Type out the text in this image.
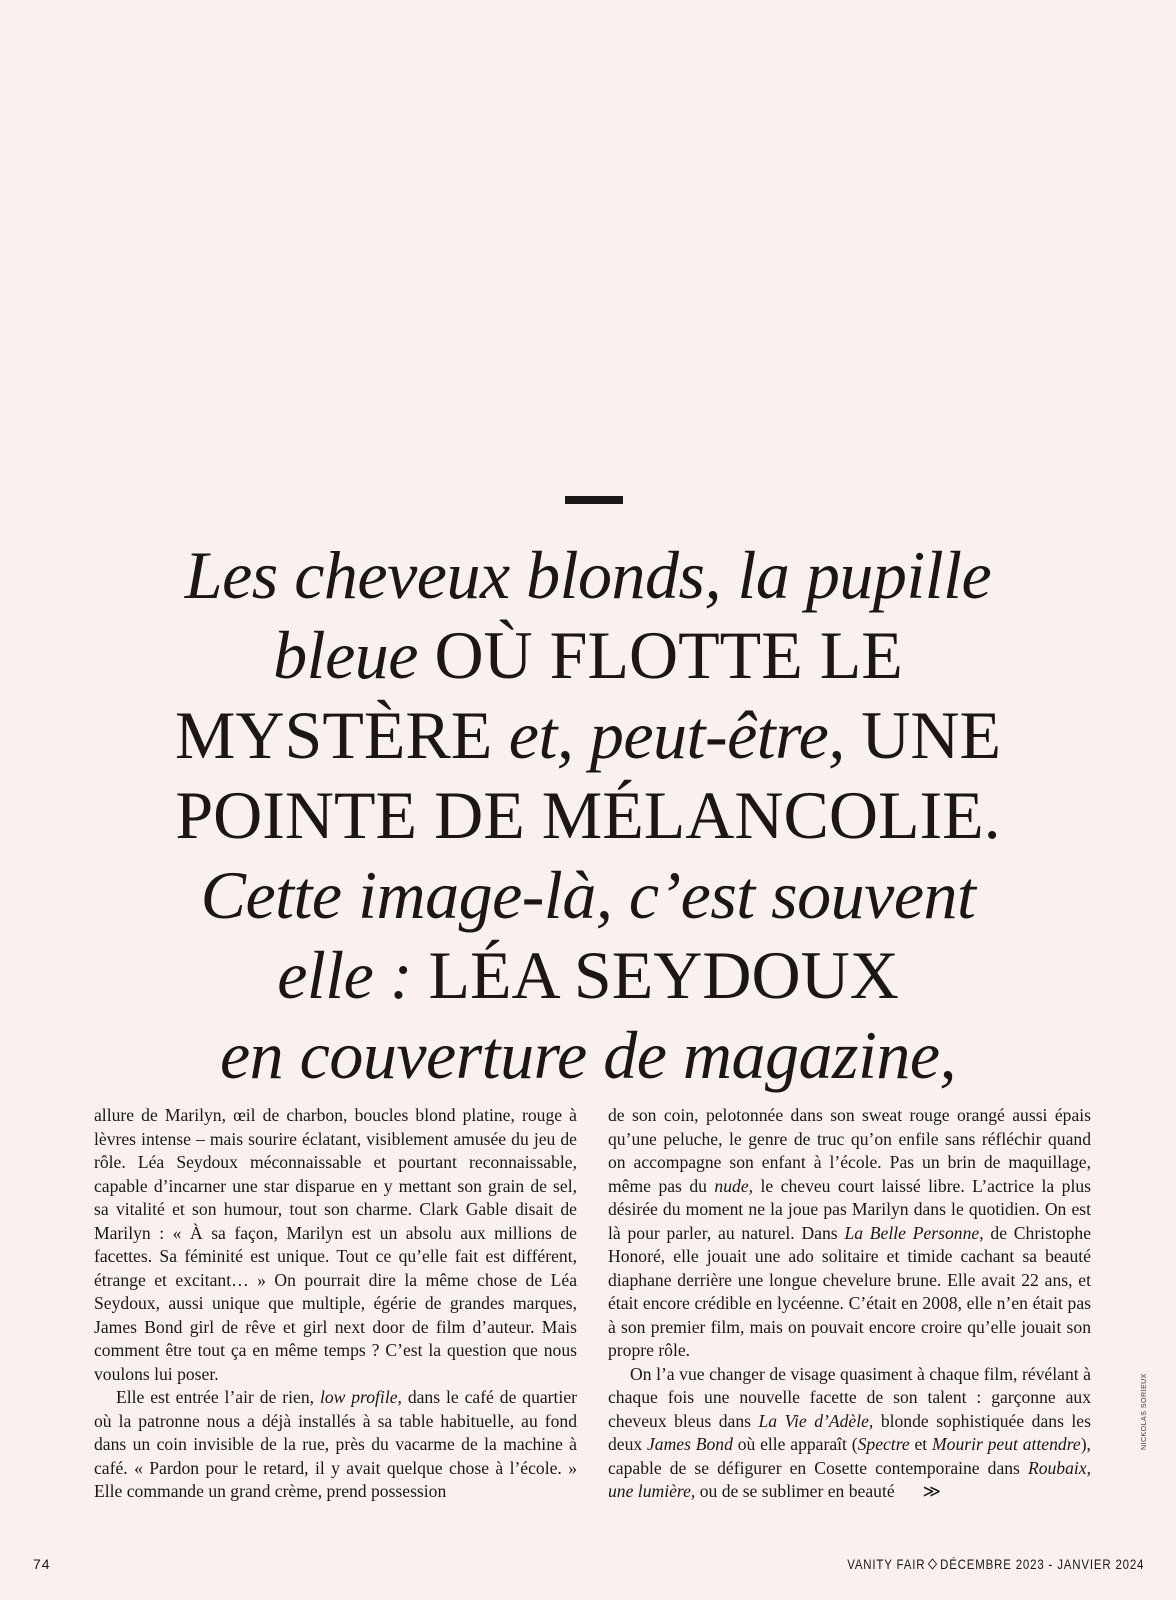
Les cheveux blonds, la pupille
bleue OÙ FLOTTE LE
MYSTÈRE et, peut-être, UNE
POINTE DE MÉLANCOLIE.
Cette image-là, c’est souvent
elle : LÉA SEYDOUX
en couverture de magazine,

allure de Marilyn, œil de charbon, boucles blond platine, rouge à lèvres intense – mais sourire éclatant, visiblement amusée du jeu de rôle. Léa Seydoux méconnaissable et pourtant reconnaissable, capable d’incarner une star disparue en y mettant son grain de sel, sa vitalité et son humour, tout son charme. Clark Gable disait de Marilyn : « À sa façon, Marilyn est un absolu aux millions de facettes. Sa féminité est unique. Tout ce qu’elle fait est différent, étrange et excitant… » On pourrait dire la même chose de Léa Seydoux, aussi unique que multiple, égérie de grandes marques, James Bond girl de rêve et girl next door de film d’auteur. Mais comment être tout ça en même temps ? C’est la question que nous voulons lui poser.

Elle est entrée l’air de rien, low profile, dans le café de quartier où la patronne nous a déjà installés à sa table habituelle, au fond dans un coin invisible de la rue, près du vacarme de la machine à café. « Pardon pour le retard, il y avait quelque chose à l’école. » Elle commande un grand crème, prend possession

de son coin, pelotonnée dans son sweat rouge orangé aussi épais qu’une peluche, le genre de truc qu’on enfile sans réfléchir quand on accompagne son enfant à l’école. Pas un brin de maquillage, même pas du nude, le cheveu court laissé libre. L’actrice la plus désirée du moment ne la joue pas Marilyn dans le quotidien. On est là pour parler, au naturel. Dans La Belle Personne, de Christophe Honoré, elle jouait une ado solitaire et timide cachant sa beauté diaphane derrière une longue chevelure brune. Elle avait 22 ans, et était encore crédible en lycéenne. C’était en 2008, elle n’en était pas à son premier film, mais on pouvait encore croire qu’elle jouait son propre rôle.

On l’a vue changer de visage quasiment à chaque film, révélant à chaque fois une nouvelle facette de son talent : garçonne aux cheveux bleus dans La Vie d’Adèle, blonde sophistiquée dans les deux James Bond où elle apparaît (Spectre et Mourir peut attendre), capable de se défigurer en Cosette contemporaine dans Roubaix, une lumière, ou de se sublimer en beauté ≫

NICKOLAS SORIEUX
74	VANITY FAIR DÉCEMBRE 2023 - JANVIER 2024
